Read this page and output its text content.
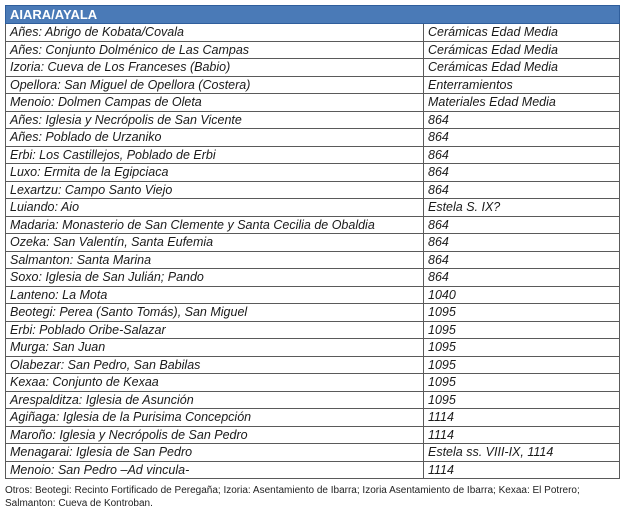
AIARA/AYALA	
Añes: Abrigo de Kobata/Covala	Cerámicas Edad Media
Añes: Conjunto Dolménico de Las Campas	Cerámicas Edad Media
Izoria: Cueva de Los Franceses (Babio)	Cerámicas Edad Media
Opellora: San Miguel de Opellora (Costera)	Enterramientos
Menoio: Dolmen Campas de Oleta	Materiales Edad Media
Añes: Iglesia y Necrópolis de San Vicente	864
Añes: Poblado de Urzaniko	864
Erbi: Los Castillejos, Poblado de Erbi	864
Luxo: Ermita de la Egipciaca	864
Lexartzu: Campo Santo Viejo	864
Luiando: Aio	Estela S. IX?
Madaria: Monasterio de San Clemente y Santa Cecilia de Obaldia	864
Ozeka: San Valentín, Santa Eufemia	864
Salmanton: Santa Marina	864
Soxo: Iglesia de San Julián; Pando	864
Lanteno: La Mota	1040
Beotegi: Perea (Santo Tomás), San Miguel	1095
Erbi: Poblado Oribe-Salazar	1095
Murga: San Juan	1095
Olabezar: San Pedro, San Babilas	1095
Kexaa: Conjunto de Kexaa	1095
Arespalditza: Iglesia de Asunción	1095
Agiñaga: Iglesia de la Purisima Concepción	1114
Maroño: Iglesia y Necrópolis de San Pedro	1114
Menagarai: Iglesia de San Pedro	Estela ss. VIII-IX, 1114
Menoio: San Pedro –Ad vincula-	1114
Otros: Beotegi: Recinto Fortificado de Peregaña; Izoria: Asentamiento de Ibarra; Izoria Asentamiento de Ibarra; Kexaa: El Potrero; Salmanton: Cueva de Kontroban.
